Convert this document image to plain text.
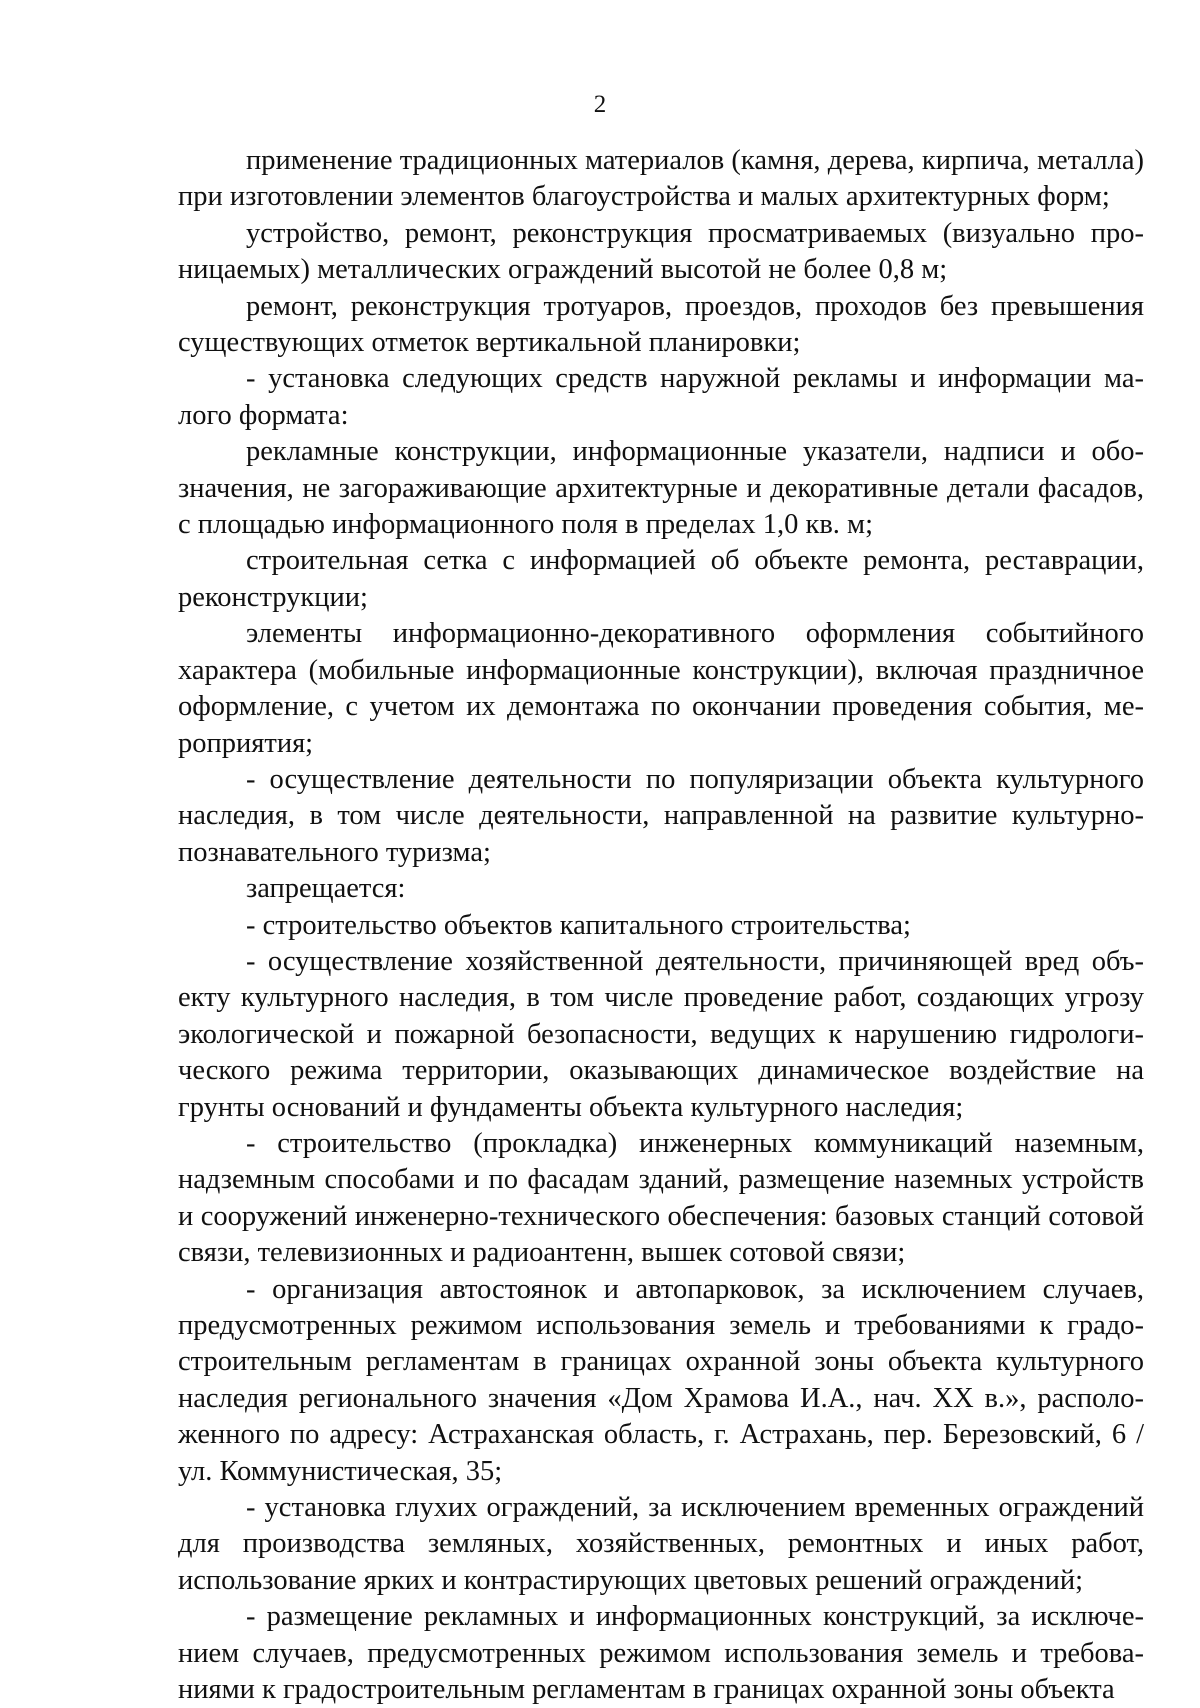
2

применение традиционных материалов (камня, дерева, кирпича, металла) при изготовлении элементов благоустройства и малых архитектурных форм;

устройство, ремонт, реконструкция просматриваемых (визуально проницаемых) металлических ограждений высотой не более 0,8 м;

ремонт, реконструкция тротуаров, проездов, проходов без превышения существующих отметок вертикальной планировки;

- установка следующих средств наружной рекламы и информации малого формата:

рекламные конструкции, информационные указатели, надписи и обозначения, не загораживающие архитектурные и декоративные детали фасадов, с площадью информационного поля в пределах 1,0 кв. м;

строительная сетка с информацией об объекте ремонта, реставрации, реконструкции;

элементы информационно-декоративного оформления событийного характера (мобильные информационные конструкции), включая праздничное оформление, с учетом их демонтажа по окончании проведения события, мероприятия;

- осуществление деятельности по популяризации объекта культурного наследия, в том числе деятельности, направленной на развитие культурно-познавательного туризма;

запрещается:

- строительство объектов капитального строительства;

- осуществление хозяйственной деятельности, причиняющей вред объекту культурного наследия, в том числе проведение работ, создающих угрозу экологической и пожарной безопасности, ведущих к нарушению гидрологического режима территории, оказывающих динамическое воздействие на грунты оснований и фундаменты объекта культурного наследия;

- строительство (прокладка) инженерных коммуникаций наземным, надземным способами и по фасадам зданий, размещение наземных устройств и сооружений инженерно-технического обеспечения: базовых станций сотовой связи, телевизионных и радиоантенн, вышек сотовой связи;

- организация автостоянок и автопарковок, за исключением случаев, предусмотренных режимом использования земель и требованиями к градостроительным регламентам в границах охранной зоны объекта культурного наследия регионального значения «Дом Храмова И.А., нач. XX в.», расположенного по адресу: Астраханская область, г. Астрахань, пер. Березовский, 6 / ул. Коммунистическая, 35;

- установка глухих ограждений, за исключением временных ограждений для производства земляных, хозяйственных, ремонтных и иных работ, использование ярких и контрастирующих цветовых решений ограждений;

- размещение рекламных и информационных конструкций, за исключением случаев, предусмотренных режимом использования земель и требованиями к градостроительным регламентам в границах охранной зоны объекта
